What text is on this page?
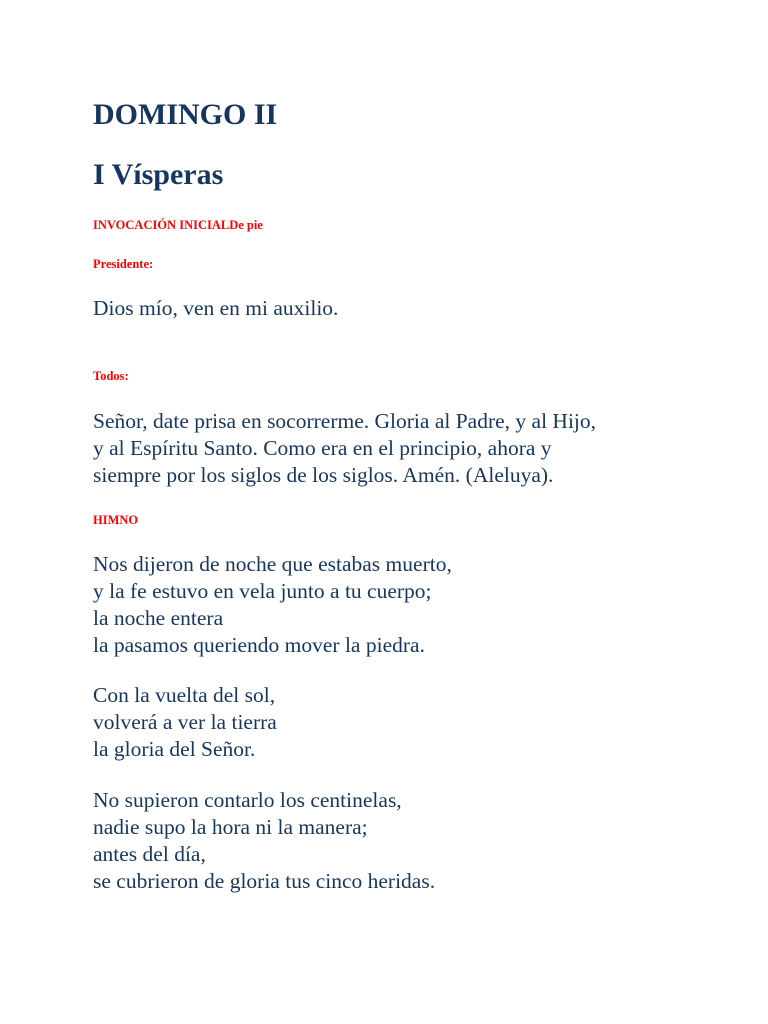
DOMINGO II
I Vísperas

INVOCACIÓN INICIALDe pie

Presidente:

Dios mío, ven en mi auxilio.

Todos:

Señor, date prisa en socorrerme. Gloria al Padre, y al Hijo,
y al Espíritu Santo. Como era en el principio, ahora y
siempre por los siglos de los siglos. Amén. (Aleluya).

HIMNO

Nos dijeron de noche que estabas muerto,
y la fe estuvo en vela junto a tu cuerpo;
la noche entera
la pasamos queriendo mover la piedra.

Con la vuelta del sol,
volverá a ver la tierra
la gloria del Señor.

No supieron contarlo los centinelas,
nadie supo la hora ni la manera;
antes del día,
se cubrieron de gloria tus cinco heridas.
